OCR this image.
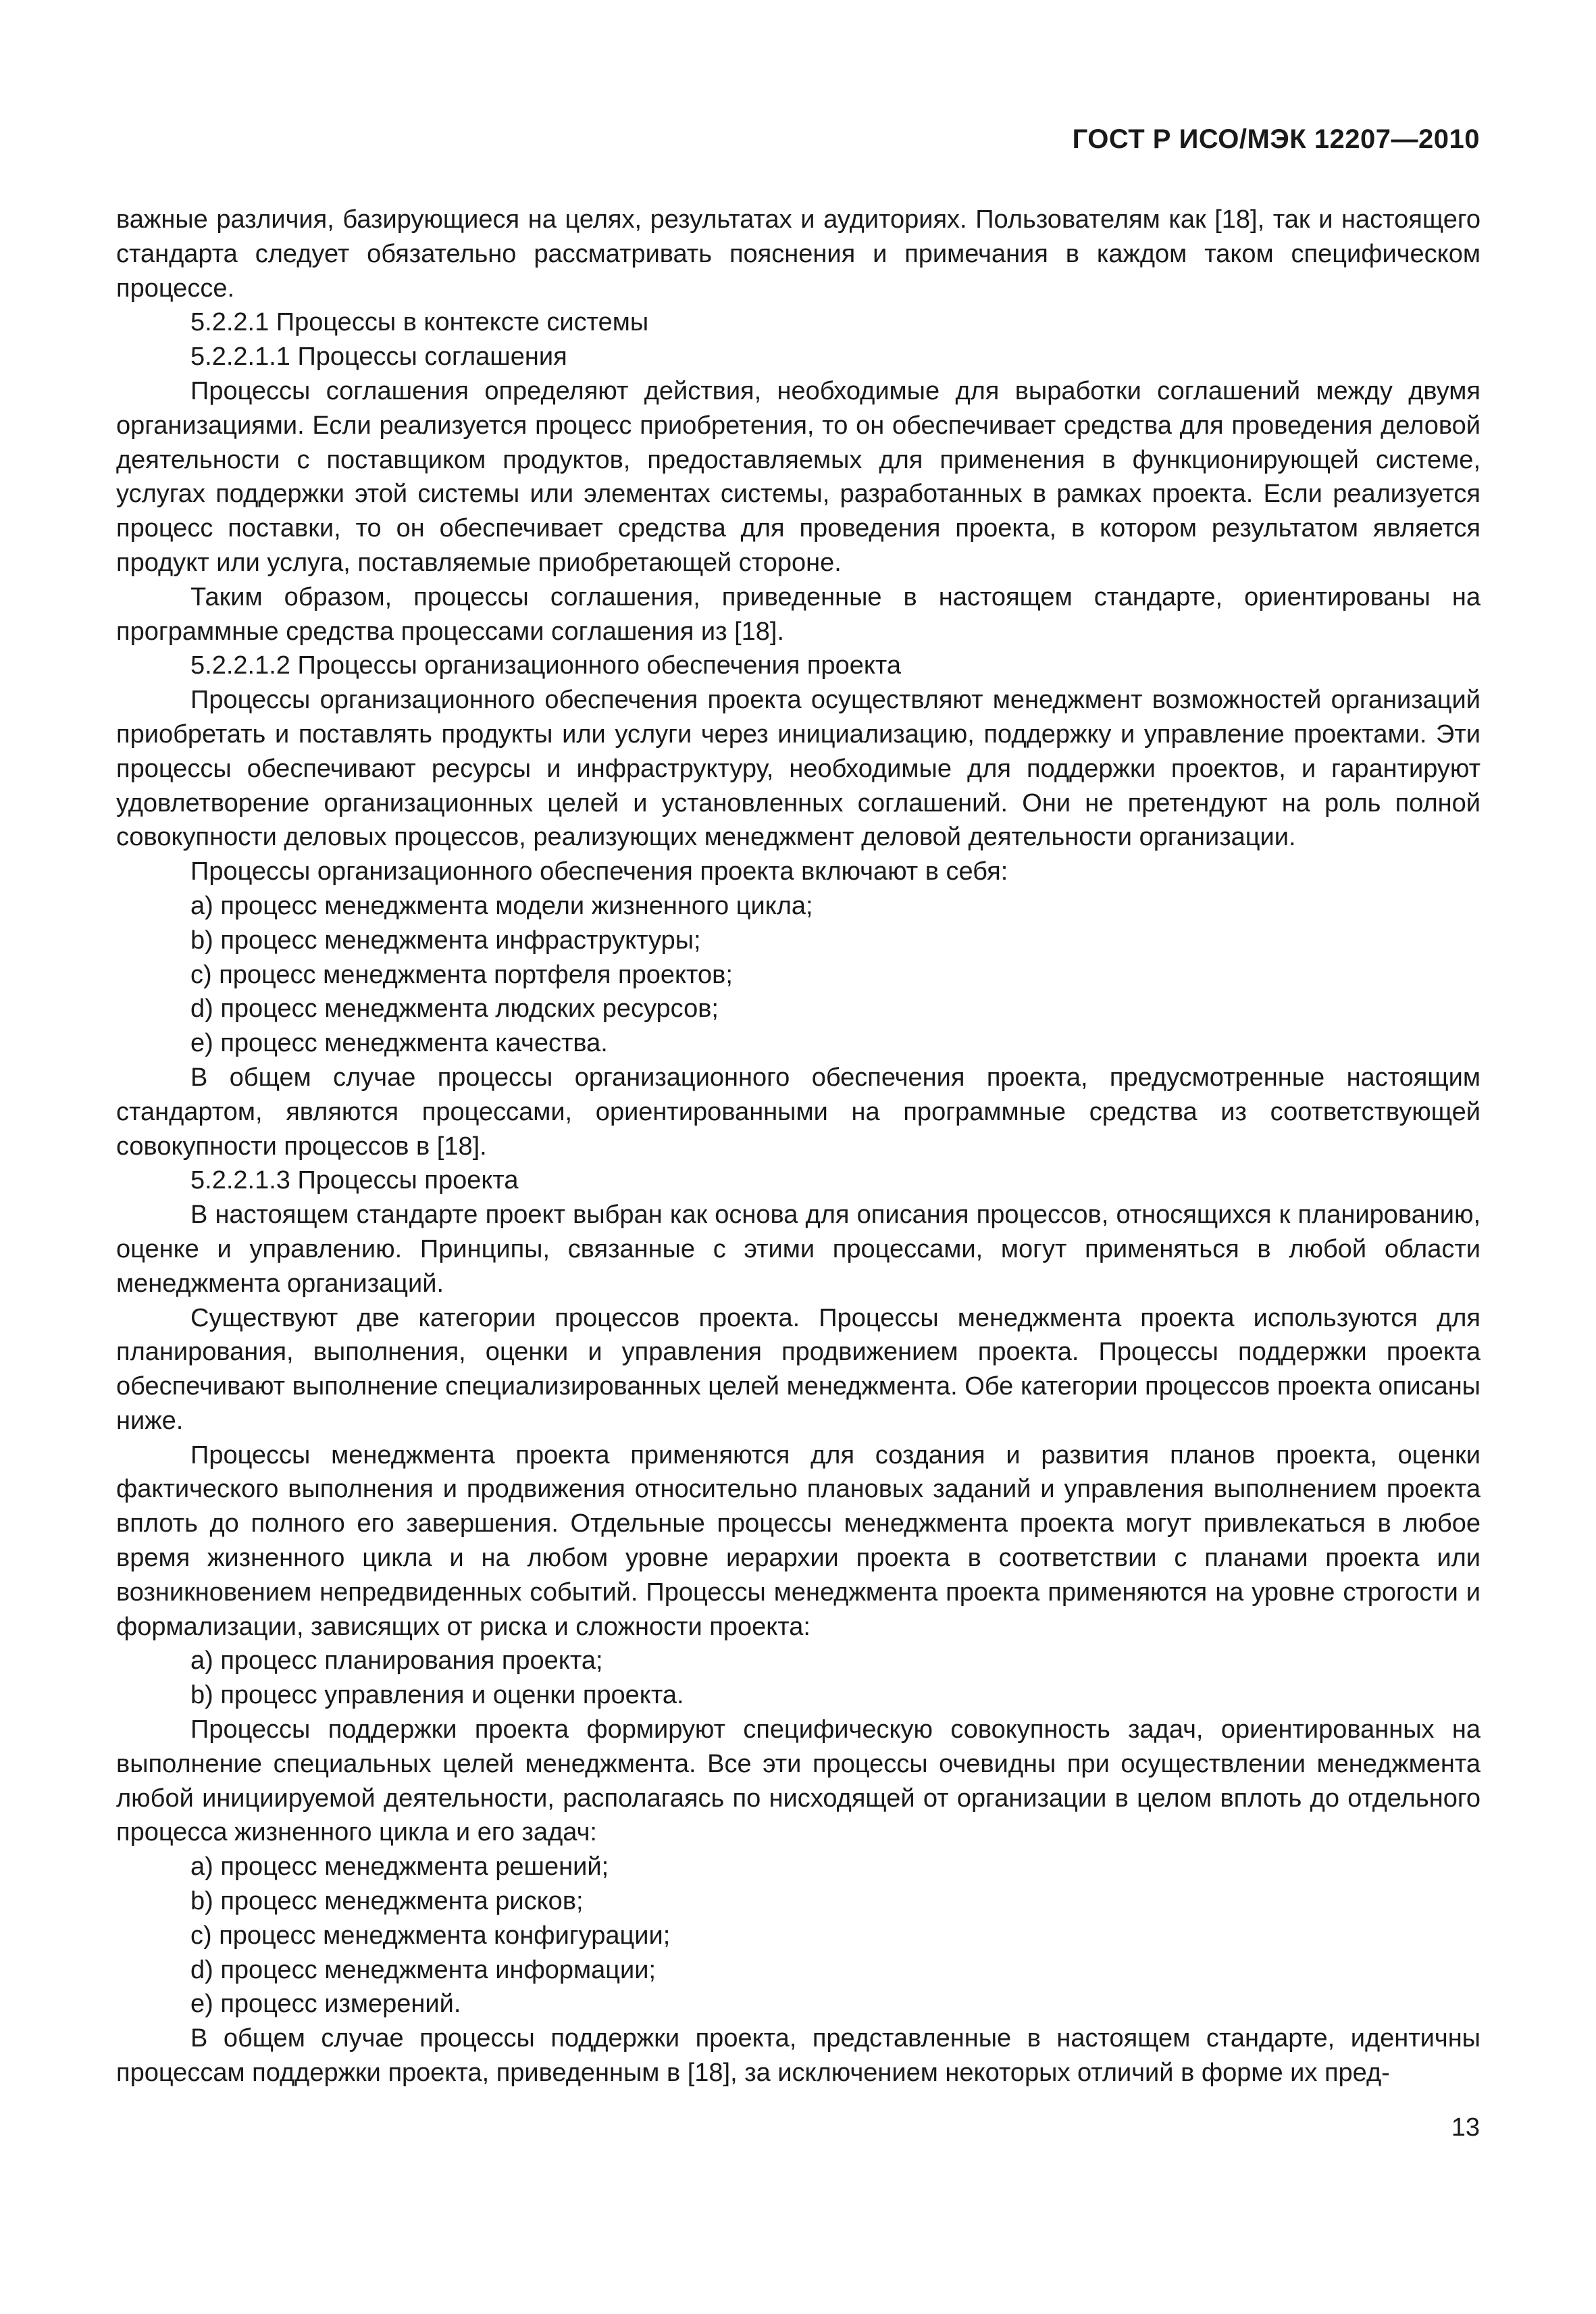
ГОСТ Р ИСО/МЭК 12207—2010

важные различия, базирующиеся на целях, результатах и аудиториях. Пользователям как [18], так и настоящего стандарта следует обязательно рассматривать пояснения и примечания в каждом таком специфическом процессе.

5.2.2.1 Процессы в контексте системы

5.2.2.1.1 Процессы соглашения

Процессы соглашения определяют действия, необходимые для выработки соглашений между двумя организациями. Если реализуется процесс приобретения, то он обеспечивает средства для проведения деловой деятельности с поставщиком продуктов, предоставляемых для применения в функционирующей системе, услугах поддержки этой системы или элементах системы, разработанных в рамках проекта. Если реализуется процесс поставки, то он обеспечивает средства для проведения проекта, в котором результатом является продукт или услуга, поставляемые приобретающей стороне.

Таким образом, процессы соглашения, приведенные в настоящем стандарте, ориентированы на программные средства процессами соглашения из [18].

5.2.2.1.2 Процессы организационного обеспечения проекта

Процессы организационного обеспечения проекта осуществляют менеджмент возможностей организаций приобретать и поставлять продукты или услуги через инициализацию, поддержку и управление проектами. Эти процессы обеспечивают ресурсы и инфраструктуру, необходимые для поддержки проектов, и гарантируют удовлетворение организационных целей и установленных соглашений. Они не претендуют на роль полной совокупности деловых процессов, реализующих менеджмент деловой деятельности организации.

Процессы организационного обеспечения проекта включают в себя:

a) процесс менеджмента модели жизненного цикла;

b) процесс менеджмента инфраструктуры;

c) процесс менеджмента портфеля проектов;

d) процесс менеджмента людских ресурсов;

e) процесс менеджмента качества.

В общем случае процессы организационного обеспечения проекта, предусмотренные настоящим стандартом, являются процессами, ориентированными на программные средства из соответствующей совокупности процессов в [18].

5.2.2.1.3 Процессы проекта

В настоящем стандарте проект выбран как основа для описания процессов, относящихся к планированию, оценке и управлению. Принципы, связанные с этими процессами, могут применяться в любой области менеджмента организаций.

Существуют две категории процессов проекта. Процессы менеджмента проекта используются для планирования, выполнения, оценки и управления продвижением проекта. Процессы поддержки проекта обеспечивают выполнение специализированных целей менеджмента. Обе категории процессов проекта описаны ниже.

Процессы менеджмента проекта применяются для создания и развития планов проекта, оценки фактического выполнения и продвижения относительно плановых заданий и управления выполнением проекта вплоть до полного его завершения. Отдельные процессы менеджмента проекта могут привлекаться в любое время жизненного цикла и на любом уровне иерархии проекта в соответствии с планами проекта или возникновением непредвиденных событий. Процессы менеджмента проекта применяются на уровне строгости и формализации, зависящих от риска и сложности проекта:

a) процесс планирования проекта;

b) процесс управления и оценки проекта.

Процессы поддержки проекта формируют специфическую совокупность задач, ориентированных на выполнение специальных целей менеджмента. Все эти процессы очевидны при осуществлении менеджмента любой инициируемой деятельности, располагаясь по нисходящей от организации в целом вплоть до отдельного процесса жизненного цикла и его задач:

a) процесс менеджмента решений;

b) процесс менеджмента рисков;

c) процесс менеджмента конфигурации;

d) процесс менеджмента информации;

e) процесс измерений.

В общем случае процессы поддержки проекта, представленные в настоящем стандарте, идентичны процессам поддержки проекта, приведенным в [18], за исключением некоторых отличий в форме их пред-

13
